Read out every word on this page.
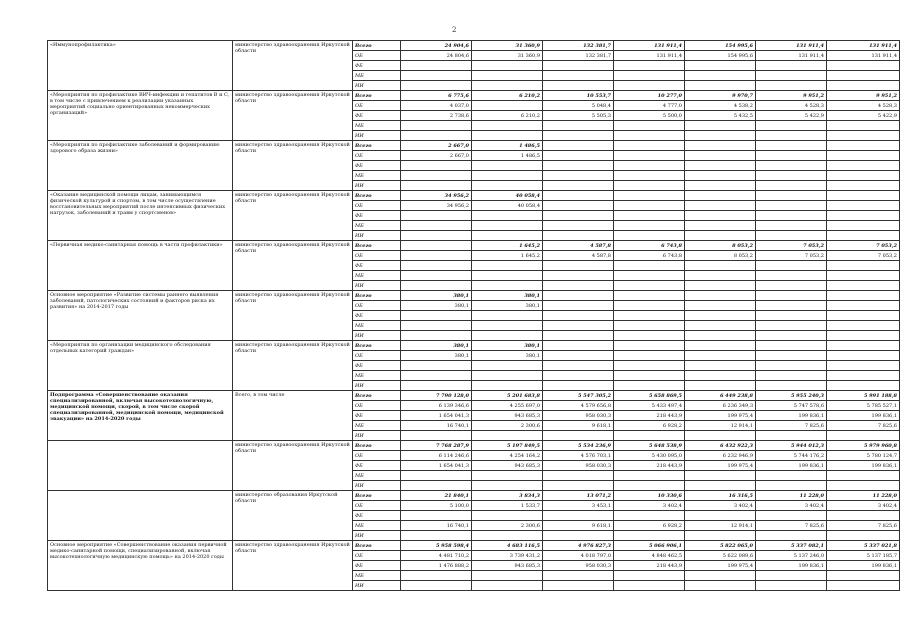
2
«Иммунопрофилактика»	министерство здравоохранения Иркутской области	Всего	24 904,6	31 360,9	132 381,7	131 911,4	154 995,6	131 911,4	131 911,4
		ОБ	24 804,6	31 360,9	132 381,7	131 911,4	154 995,6	131 911,4	131 911,4
		ФБ							
		МБ							
		ИИ							
«Мероприятия по профилактике ВИЧ-инфекции и гепатитов В и С, в том числе с привлечением к реализации указанных мероприятий социально ориентированных некоммерческих организаций»	министерство здравоохранения Иркутской области	Всего	6 775,6	6 210,2	10 553,7	10 277,0	9 970,7	9 951,2	9 951,2
		ОБ	4 037,0		5 048,4	4 777,0	4 538,2	4 528,3	4 528,3
		ФБ	2 738,6	6 210,2	5 505,3	5 500,0	5 432,5	5 422,9	5 422,9
		МБ							
		ИИ							
«Мероприятия по профилактике заболеваний и формированию здорового образа жизни»	министерство здравоохранения Иркутской области	Всего	2 667,0	1 486,5					
		ОБ	2 667,0	1 486,5					
		ФБ							
		МБ							
		ИИ							
«Оказание медицинской помощи лицам, занимающимся физической культурой и спортом, в том числе осуществление восстановительных мероприятий после интенсивных физических нагрузок, заболеваний и травм у спортсменов»	министерство здравоохранения Иркутской области	Всего	34 956,2	40 058,4					
		ОБ	34 956,2	40 058,4					
		ФБ							
		МБ							
		ИИ							
«Первичная медико-санитарная помощь в части профилактики»	министерство здравоохранения Иркутской области	Всего		1 645,2	4 587,8	6 743,8	8 053,2	7 053,2	7 053,2
		ОБ		1 645,2	4 587,8	6 743,8	8 053,2	7 053,2	7 053,2
		ФБ							
		МБ							
		ИИ							
Основное мероприятие «Развитие системы раннего выявления заболеваний, патологических состояний и факторов риска их развития» на 2014-2017 годы	министерство здравоохранения Иркутской области	Всего	380,1	380,1					
		ОБ	380,1	380,1					
		ФБ							
		МБ							
		ИИ							
«Мероприятия по организации медицинского обследования отдельных категорий граждан»	министерство здравоохранения Иркутской области	Всего	380,1	380,1					
		ОБ	380,1	380,1					
		ФБ							
		МБ							
		ИИ							
Подпрограмма «Совершенствование оказания специализированной, включая высокотехнологичную, медицинской помощи, скорой, в том числе скорой специализированной, медицинской помощи, медицинской эвакуации» на 2014-2020 годы	Всего, в том числе	Всего	7 790 128,0	5 201 683,8	5 547 305,2	5 658 869,5	6 449 238,8	5 955 240,3	5 991 188,8
		ОБ	6 139 346,6	4 255 697,0	4 579 656,8	5 433 497,4	6 236 349,3	5 747 578,6	5 785 527,1
		ФБ	1 654 041,3	943 685,3	958 030,3	218 443,9	199 975,4	199 836,1	199 836,1
		МБ	16 740,1	2 300,6	9 618,1	6 928,2	12 914,1	7 825,6	7 825,6
		ИИ							
	министерство здравоохранения Иркутской области	Всего	7 768 287,9	5 197 849,5	5 534 236,9	5 648 538,9	6 432 922,3	5 944 012,3	5 979 960,8
		ОБ	6 114 246,6	4 254 164,2	4 576 703,1	5 430 095,0	6 232 946,9	5 744 176,2	5 780 124,7
		ФБ	1 654 041,3	943 685,3	958 030,3	218 443,9	199 975,4	199 836,1	199 836,1
		МБ							
		ИИ							
	министерство образования Иркутской области	Всего	21 840,1	3 834,3	13 071,2	10 330,6	16 316,5	11 228,0	11 228,0
		ОБ	5 100,0	1 533,7	3 453,1	3 402,4	3 402,4	3 402,4	3 402,4
		ФБ							
		МБ	16 740,1	2 300,6	9 618,1	6 928,2	12 914,1	7 825,6	7 825,6
		ИИ							
Основное мероприятие «Совершенствование оказания первичной медико-санитарной помощи, специализированной, включая высокотехнологичную медицинскую помощь» на 2014-2020 годы	министерство здравоохранения Иркутской области	Всего	5 958 598,4	4 683 116,5	4 976 827,3	5 066 906,1	5 822 065,0	5 337 082,1	5 337 021,8
		ОБ	4 481 710,2	3 739 431,2	4 018 797,0	4 848 462,5	5 622 089,6	5 137 246,0	5 137 185,7
		ФБ	1 476 888,2	943 685,3	958 030,3	218 443,9	199 975,4	199 836,1	199 836,1
		МБ							
		ИИ							
